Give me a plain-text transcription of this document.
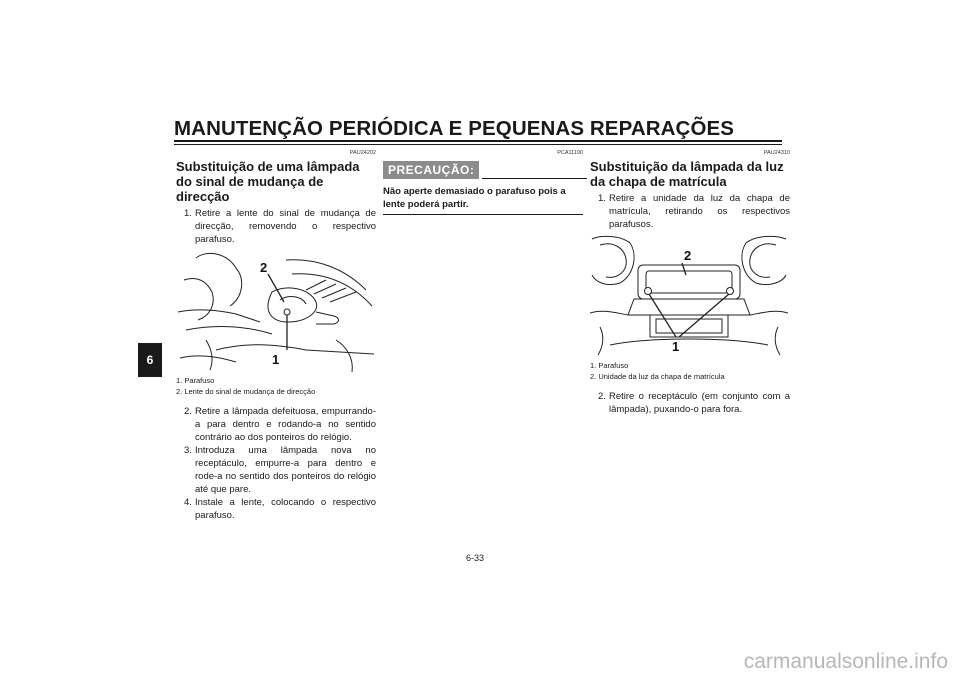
MANUTENÇÃO PERIÓDICA E PEQUENAS REPARAÇÕES
6
PAU24202
Substituição de uma lâmpada do sinal de mudança de direcção
1. Retire a lente do sinal de mudança de direcção, removendo o respectivo parafuso.
2
1
1. Parafuso
2. Lente do sinal de mudança de direcção
2. Retire a lâmpada defeituosa, empurrando-a para dentro e rodando-a no sentido contrário ao dos ponteiros do relógio.
3. Introduza uma lâmpada nova no receptáculo, empurre-a para dentro e rode-a no sentido dos ponteiros do relógio até que pare.
4. Instale a lente, colocando o respectivo parafuso.
PCA11190
PRECAUÇÃO:
Não aperte demasiado o parafuso pois a lente poderá partir.
PAU24310
Substituição da lâmpada da luz da chapa de matrícula
1. Retire a unidade da luz da chapa de matrícula, retirando os respectivos parafusos.
2
1
1. Parafuso
2. Unidade da luz da chapa de matrícula
2. Retire o receptáculo (em conjunto com a lâmpada), puxando-o para fora.
6-33
carmanualsonline.info
